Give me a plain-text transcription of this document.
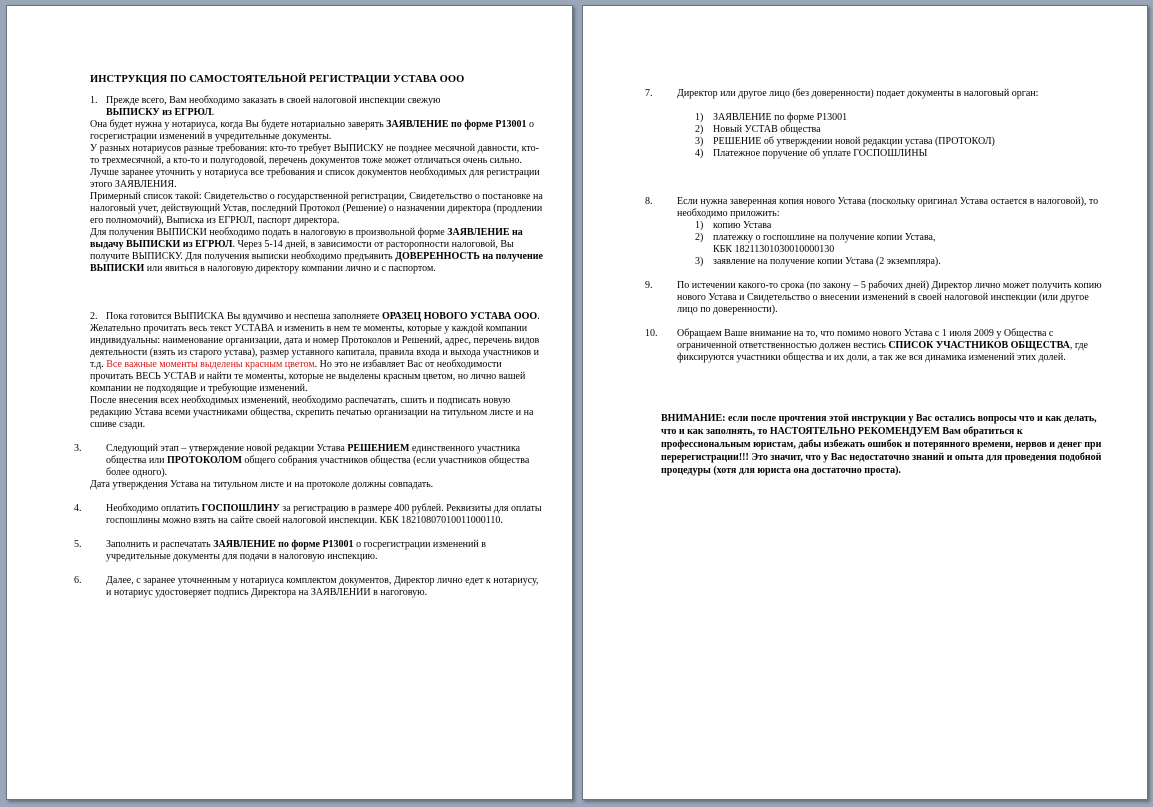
ИНСТРУКЦИЯ ПО САМОСТОЯТЕЛЬНОЙ РЕГИСТРАЦИИ УСТАВА ООО

1. Прежде всего, Вам необходимо заказать в своей налоговой инспекции свежую

ВЫПИСКУ из ЕГРЮЛ.

Она будет нужна у нотариуса, когда Вы будете нотариально заверять ЗАЯВЛЕНИЕ по форме Р13001 о госрегистрации изменений в учредительные документы.

У разных нотариусов разные требования: кто-то требует ВЫПИСКУ не позднее месячной давности, кто-то трехмесячной, а кто-то и полугодовой, перечень документов тоже может отличаться очень сильно. Лучше заранее уточнить у нотариуса все требования и список документов необходимых для регистрации этого ЗАЯВЛЕНИЯ.

Примерный список такой: Свидетельство о государственной регистрации, Свидетельство о постановке на налоговый учет, действующий Устав, последний Протокол (Решение) о назначении директора (продлении его полномочий), Выписка из ЕГРЮЛ, паспорт директора.

Для получения ВЫПИСКИ необходимо подать в налоговую в произвольной форме ЗАЯВЛЕНИЕ на выдачу ВЫПИСКИ из ЕГРЮЛ. Через 5-14 дней, в зависимости от расторопности налоговой, Вы получите ВЫПИСКУ. Для получения выписки необходимо предъявить ДОВЕРЕННОСТЬ на получение ВЫПИСКИ или явиться в налоговую директору компании лично и с паспортом.

2. Пока готовится ВЫПИСКА Вы вдумчиво и неспеша заполняете ОРАЗЕЦ НОВОГО УСТАВА ООО.

Желательно прочитать весь текст УСТАВА и изменить в нем те моменты, которые у каждой компании индивидуальны: наименование организации, дата и номер Протоколов и Решений, адрес, перечень видов деятельности (взять из старого устава), размер уставного капитала, правила входа и выхода участников и т.д. Все важные моменты выделены красным цветом. Но это не избавляет Вас от необходимости прочитать ВЕСЬ УСТАВ и найти те моменты, которые не выделены красным цветом, но лично вашей компании не подходящие и требующие изменений.

После внесения всех необходимых изменений, необходимо распечатать, сшить и подписать новую редакцию Устава всеми участниками общества, скрепить печатью организации на титульном листе и на сшиве сзади.

3. Следующий этап – утверждение новой редакции Устава РЕШЕНИЕМ единственного участника общества или ПРОТОКОЛОМ общего собрания участников общества (если участников общества более одного).

Дата утверждения Устава на титульном листе и на протоколе должны совпадать.

4. Необходимо оплатить ГОСПОШЛИНУ за регистрацию в размере 400 рублей. Реквизиты для оплаты госпошлины можно взять на сайте своей налоговой инспекции. КБК 18210807010011000110.

5. Заполнить и распечатать ЗАЯВЛЕНИЕ по форме Р13001 о госрегистрации изменений в учредительные документы для подачи в налоговую инспекцию.

6. Далее, с заранее уточненным у нотариуса комплектом документов, Директор лично едет к нотариусу, и нотариус удостоверяет подпись Директора на ЗАЯВЛЕНИИ в нагоговую.

7. Директор или другое лицо (без доверенности) подает документы в налоговый орган:

1) ЗАЯВЛЕНИЕ по форме Р13001

2) Новый УСТАВ общества

3) РЕШЕНИЕ об утверждении новой редакции устава (ПРОТОКОЛ)

4) Платежное поручение об уплате ГОСПОШЛИНЫ

8. Если нужна заверенная копия нового Устава (поскольку оригинал Устава остается в налоговой), то необходимо приложить:

1) копию Устава

2) платежку о госпошлине на получение копии Устава,

КБК 18211301030010000130

3) заявление на получение копии Устава (2 экземпляра).

9. По истечении какого-то срока (по закону – 5 рабочих дней) Директор лично может получить копию нового Устава и Свидетельство о внесении изменений в своей налоговой инспекции (или другое лицо по доверенности).

10. Обращаем Ваше внимание на то, что помимо нового Устава с 1 июля 2009 у Общества с ограниченной ответственностью должен вестись СПИСОК УЧАСТНИКОВ ОБЩЕСТВА, где фиксируются участники общества и их доли, а так же вся динамика изменений этих долей.

ВНИМАНИЕ: если после прочтения этой инструкции у Вас остались вопросы что и как делать, что и как заполнять, то НАСТОЯТЕЛЬНО РЕКОМЕНДУЕМ Вам обратиться к профессиональным юристам, дабы избежать ошибок и потерянного времени, нервов и денег при перерегистрации!!! Это значит, что у Вас недостаточно знаний и опыта для проведения подобной процедуры (хотя для юриста она достаточно проста).
